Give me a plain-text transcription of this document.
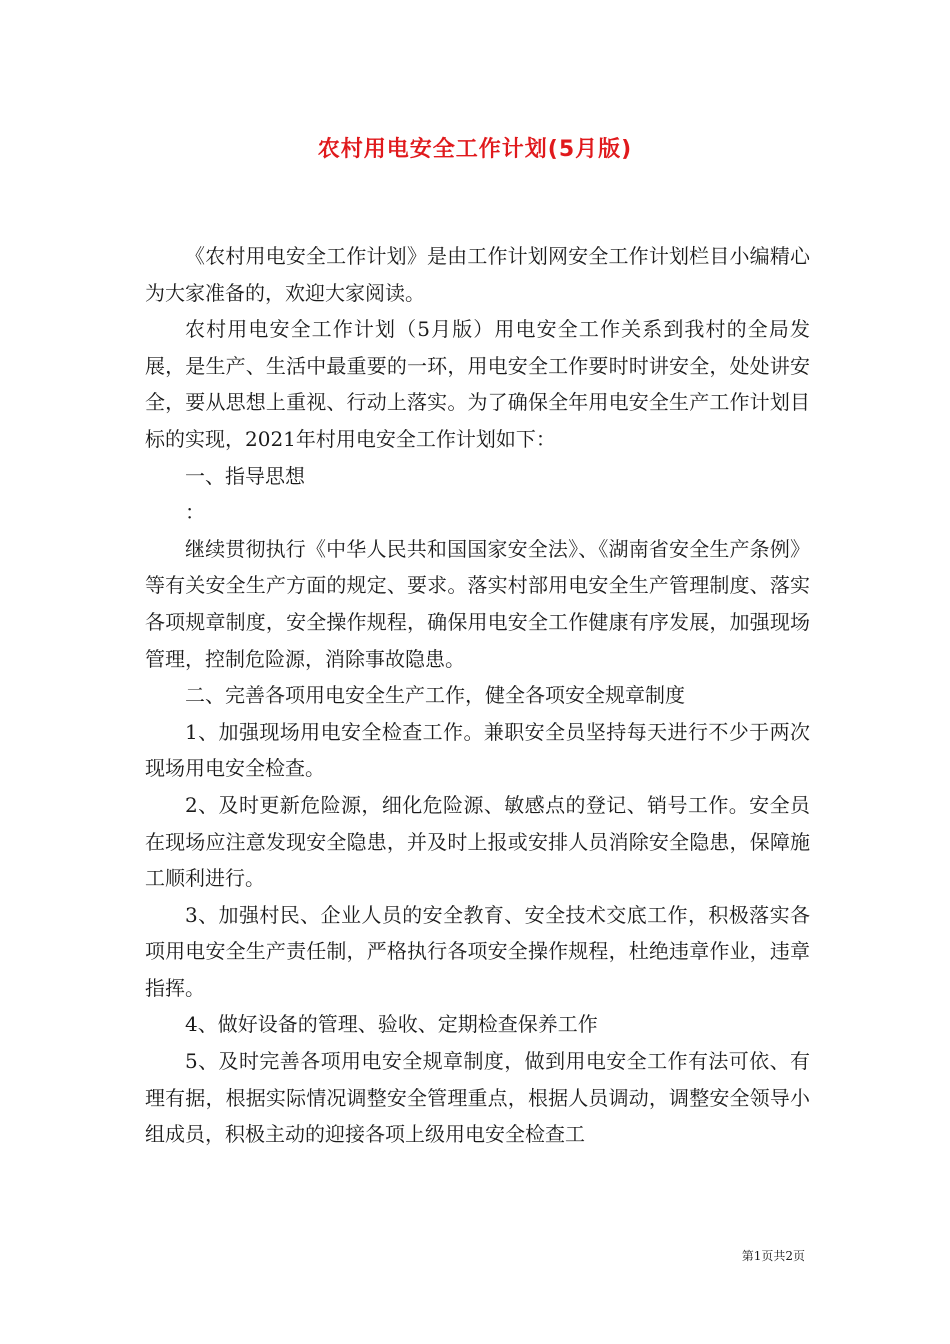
农村用电安全工作计划(5月版)

《农村用电安全工作计划》是由工作计划网安全工作计划栏目小编精心为大家准备的，欢迎大家阅读。

农村用电安全工作计划（5月版）用电安全工作关系到我村的全局发展，是生产、生活中最重要的一环，用电安全工作要时时讲安全，处处讲安全，要从思想上重视、行动上落实。为了确保全年用电安全生产工作计划目标的实现，2021年村用电安全工作计划如下：

一、指导思想

：

继续贯彻执行《中华人民共和国国家安全法》、《湖南省安全生产条例》等有关安全生产方面的规定、要求。落实村部用电安全生产管理制度、落实各项规章制度，安全操作规程，确保用电安全工作健康有序发展，加强现场管理，控制危险源，消除事故隐患。

二、完善各项用电安全生产工作，健全各项安全规章制度

1、加强现场用电安全检查工作。兼职安全员坚持每天进行不少于两次现场用电安全检查。

2、及时更新危险源，细化危险源、敏感点的登记、销号工作。安全员在现场应注意发现安全隐患，并及时上报或安排人员消除安全隐患，保障施工顺利进行。

3、加强村民、企业人员的安全教育、安全技术交底工作，积极落实各项用电安全生产责任制，严格执行各项安全操作规程，杜绝违章作业，违章指挥。

4、做好设备的管理、验收、定期检查保养工作

5、及时完善各项用电安全规章制度，做到用电安全工作有法可依、有理有据，根据实际情况调整安全管理重点，根据人员调动，调整安全领导小组成员，积极主动的迎接各项上级用电安全检查工

第1页共2页
